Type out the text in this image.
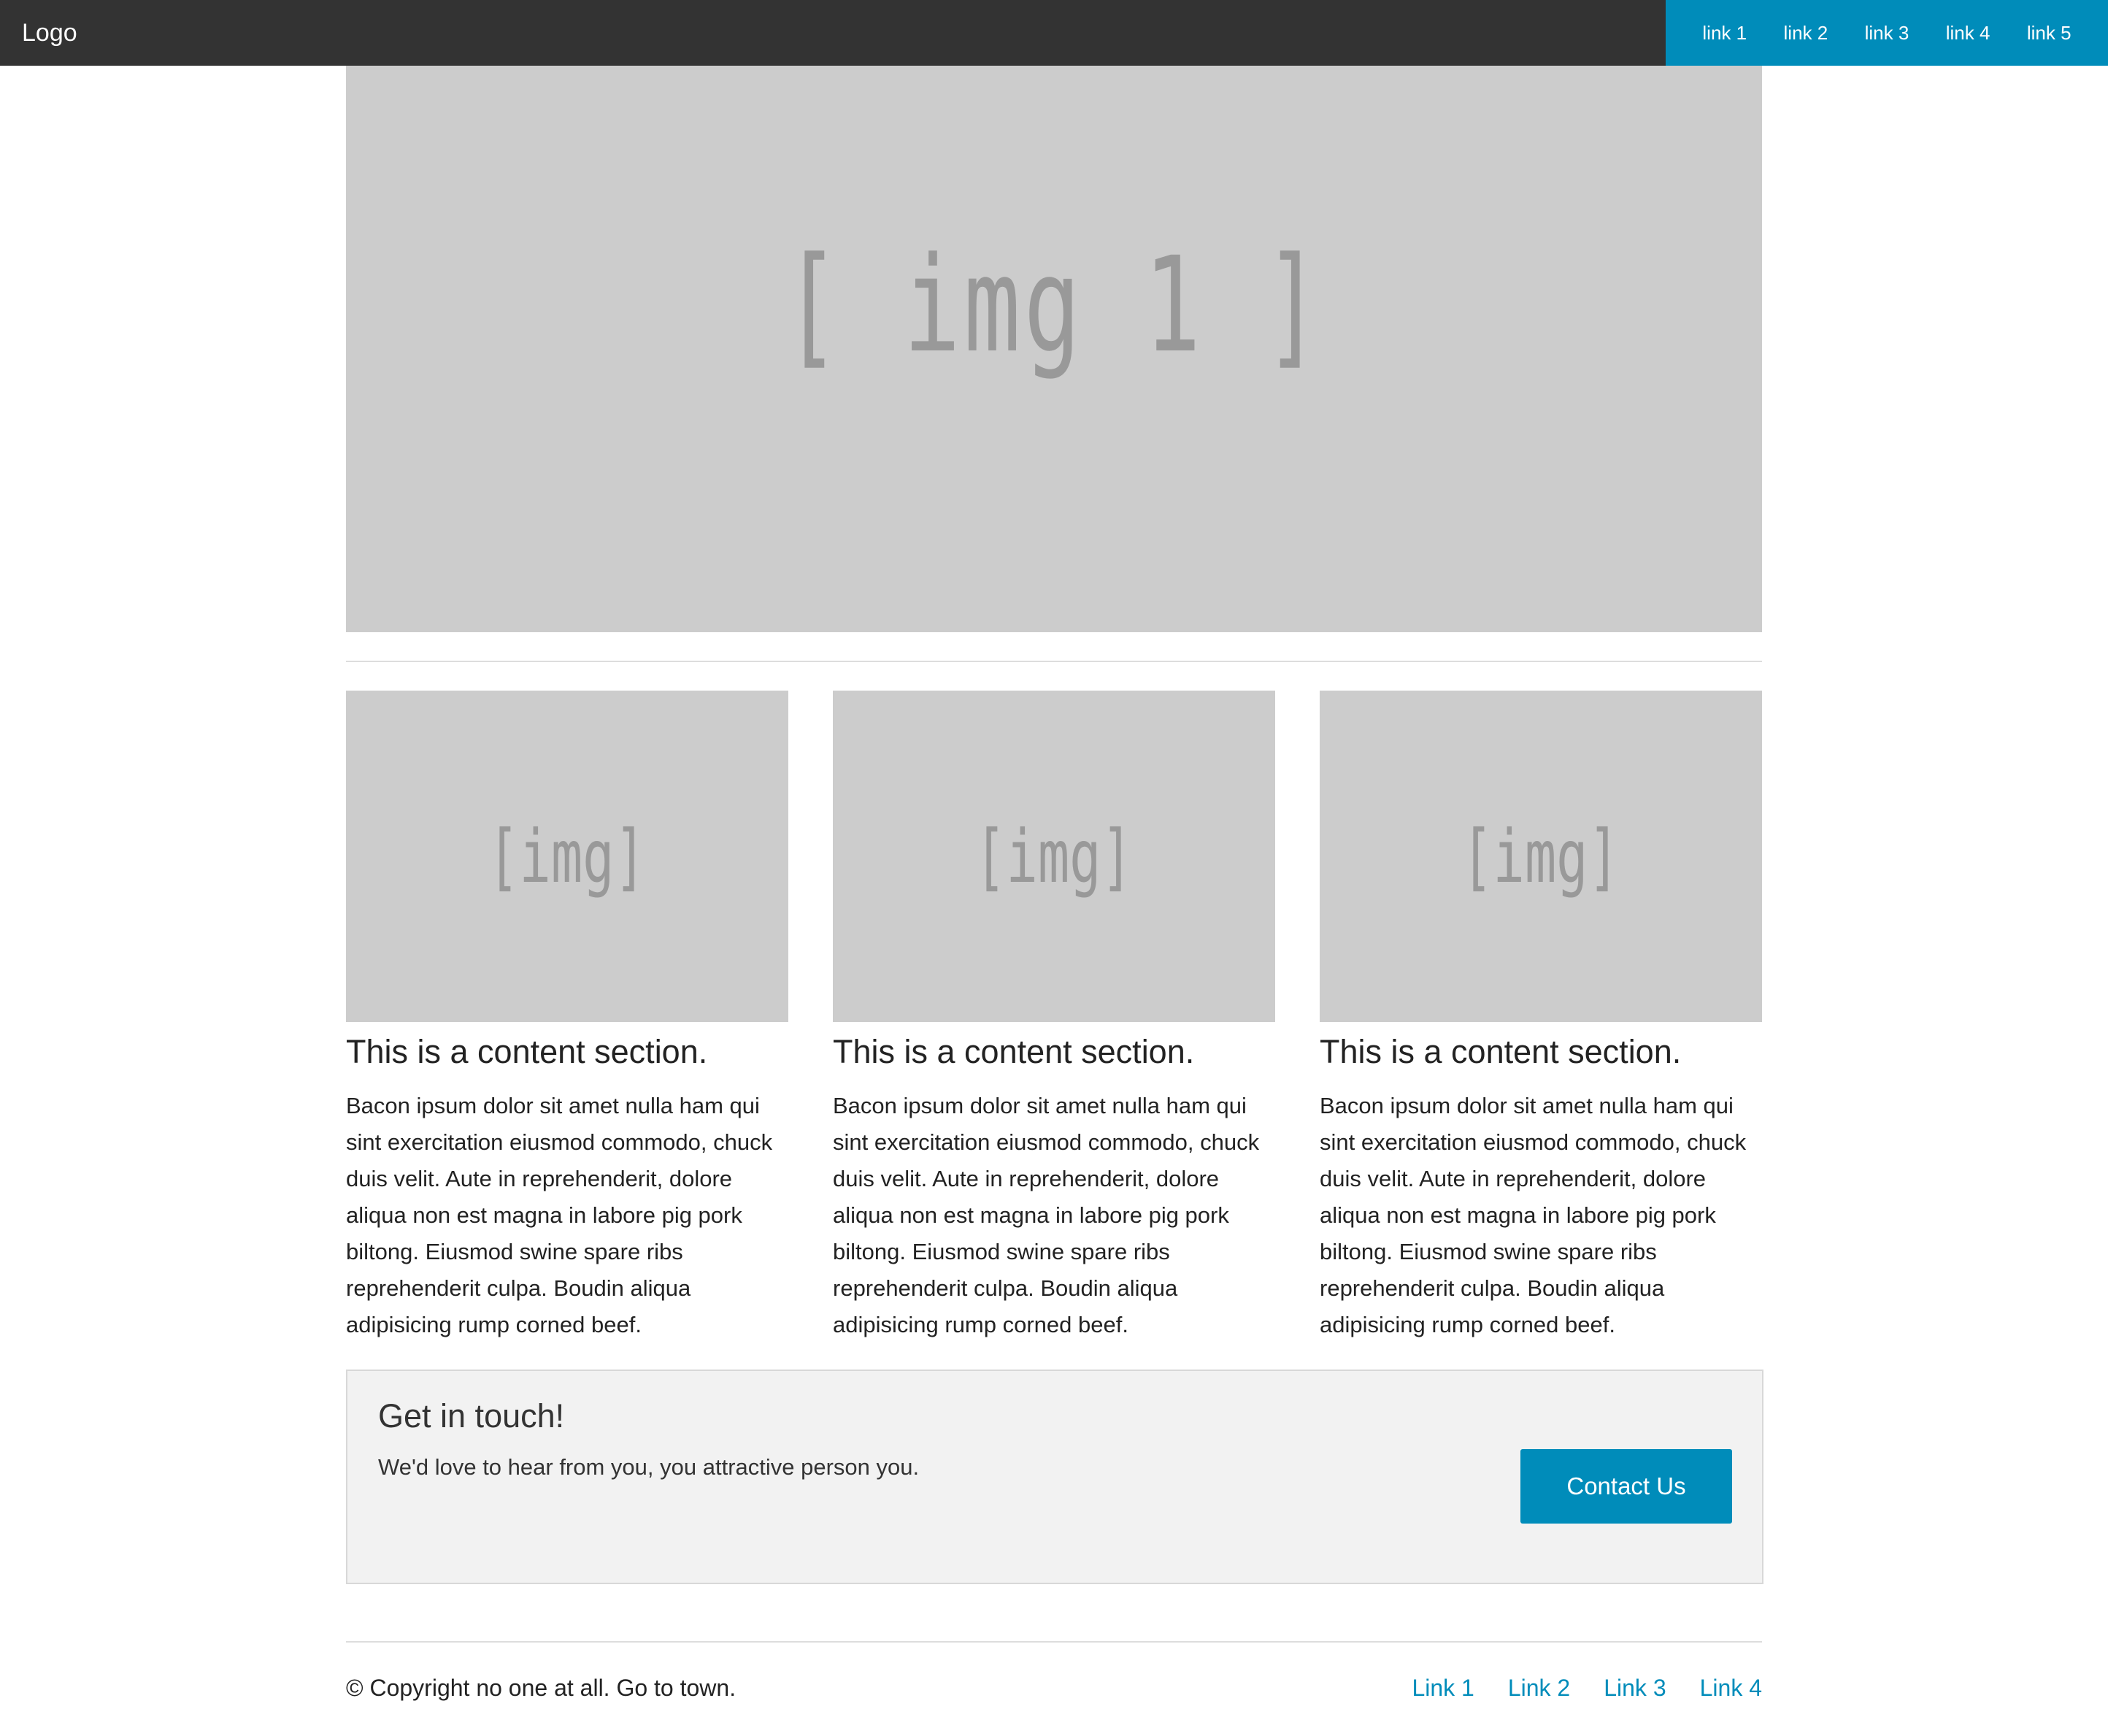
Logo	link 1 link 2 link 3 link 4 link 5
[ img 1 ]
[img]
This is a content section.

Bacon ipsum dolor sit amet nulla ham qui sint exercitation eiusmod commodo, chuck duis velit. Aute in reprehenderit, dolore aliqua non est magna in labore pig pork biltong. Eiusmod swine spare ribs reprehenderit culpa. Boudin aliqua adipisicing rump corned beef.

[img]
This is a content section.

Bacon ipsum dolor sit amet nulla ham qui sint exercitation eiusmod commodo, chuck duis velit. Aute in reprehenderit, dolore aliqua non est magna in labore pig pork biltong. Eiusmod swine spare ribs reprehenderit culpa. Boudin aliqua adipisicing rump corned beef.

[img]
This is a content section.

Bacon ipsum dolor sit amet nulla ham qui sint exercitation eiusmod commodo, chuck duis velit. Aute in reprehenderit, dolore aliqua non est magna in labore pig pork biltong. Eiusmod swine spare ribs reprehenderit culpa. Boudin aliqua adipisicing rump corned beef.

Get in touch!

We'd love to hear from you, you attractive person you.

Contact Us
© Copyright no one at all. Go to town.	Link 1 Link 2 Link 3 Link 4
